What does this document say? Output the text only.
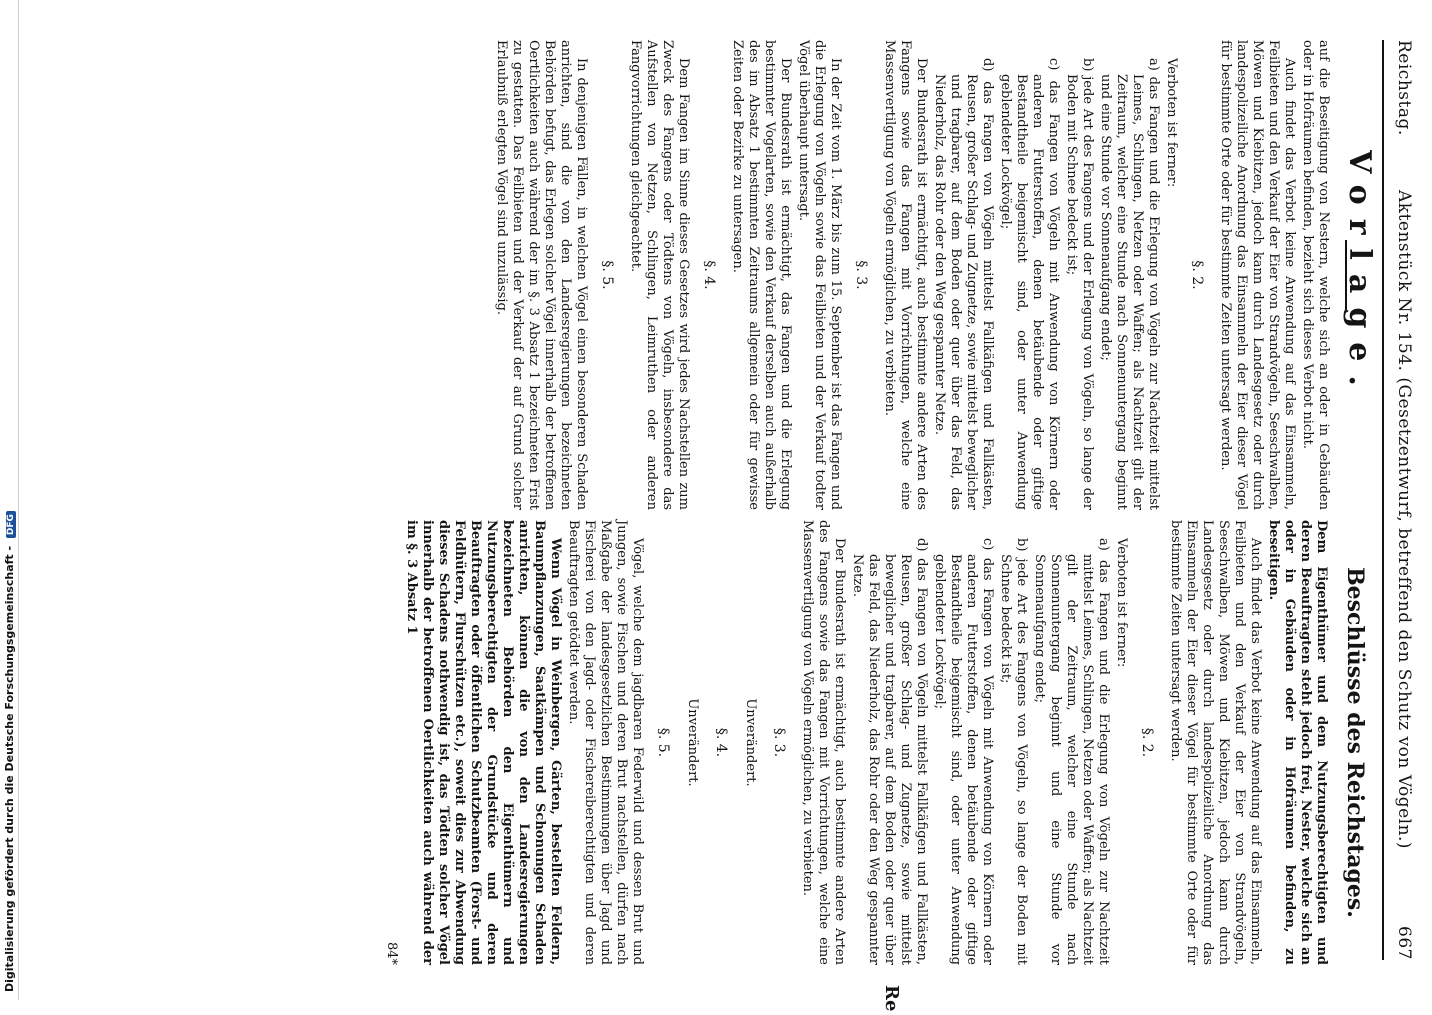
Digitalisierung gefördert durch die Deutsche Forschungsgemeinschaft - DFG
Reichstag.
Aktenstück Nr. 154. (Gesetzentwurf, betreffend den Schutz von Vögeln.)
667
Vorlage.

auf die Beseitigung von Nestern, welche sich an oder in Gebäuden oder in Hofräumen befinden, bezieht sich dieses Verbot nicht.

Auch findet das Verbot keine Anwendung auf das Einsammeln, Feilbieten und den Verkauf der Eier von Strandvögeln, Seeschwalben, Möwen und Kiebitzen, jedoch kann durch Landesgesetz oder durch landespolizeiliche Anordnung das Einsammeln der Eier dieser Vögel für bestimmte Orte oder für bestimmte Zeiten untersagt werden.

§. 2.

Verboten ist ferner:

a) das Fangen und die Erlegung von Vögeln zur Nachtzeit mittelst Leimes, Schlingen, Netzen oder Waffen; als Nachtzeit gilt der Zeitraum, welcher eine Stunde nach Sonnenuntergang beginnt und eine Stunde vor Sonnenaufgang endet;

b) jede Art des Fangens und der Erlegung von Vögeln, so lange der Boden mit Schnee bedeckt ist;

c) das Fangen von Vögeln mit Anwendung von Körnern oder anderen Futterstoffen, denen betäubende oder giftige Bestandtheile beigemischt sind, oder unter Anwendung geblendeter Lockvögel;

d) das Fangen von Vögeln mittelst Fallkäfigen und Fallkästen, Reusen, großer Schlag- und Zugnetze, sowie mittelst beweglicher und tragbarer, auf dem Boden oder quer über das Feld, das Niederholz, das Rohr oder den Weg gespannter Netze.

Der Bundesrath ist ermächtigt, auch bestimmte andere Arten des Fangens sowie das Fangen mit Vorrichtungen, welche eine Massenvertilgung von Vögeln ermöglichen, zu verbieten.

§. 3.

In der Zeit vom 1. März bis zum 15. September ist das Fangen und die Erlegung von Vögeln sowie das Feilbieten und der Verkauf todter Vögel überhaupt untersagt.

Der Bundesrath ist ermächtigt, das Fangen und die Erlegung bestimmter Vogelarten, sowie den Verkauf derselben auch außerhalb des im Absatz 1 bestimmten Zeitraums allgemein oder für gewisse Zeiten oder Bezirke zu untersagen.

§. 4.

Dem Fangen im Sinne dieses Gesetzes wird jedes Nachstellen zum Zweck des Fangens oder Tödtens von Vögeln, insbesondere das Aufstellen von Netzen, Schlingen, Leimruthen oder anderen Fangvorrichtungen gleichgeachtet.

§. 5.

In denjenigen Fällen, in welchen Vögel einen besonderen Schaden anrichten, sind die von den Landesregierungen bezeichneten Behörden befugt, das Erlegen solcher Vögel innerhalb der betroffenen Oertlichkeiten auch während der im §. 3 Absatz 1 bezeichneten Frist zu gestatten. Das Feilbieten und der Verkauf der auf Grund solcher Erlaubniß erlegten Vögel sind unzulässig.

Beschlüsse des Reichstages.

Dem Eigenthümer und dem Nutzungsberechtigten und deren Beauftragten steht jedoch frei, Nester, welche sich an oder in Gebäuden oder in Hofräumen befinden, zu beseitigen.

Auch findet das Verbot keine Anwendung auf das Einsammeln, Feilbieten und den Verkauf der Eier von Strandvögeln, Seeschwalben, Möwen und Kiebitzen, jedoch kann durch Landesgesetz oder durch landespolizeiliche Anordnung das Einsammeln der Eier dieser Vögel für bestimmte Orte oder für bestimmte Zeiten untersagt werden.

§. 2.

Verboten ist ferner:

a) das Fangen und die Erlegung von Vögeln zur Nachtzeit mittelst Leimes, Schlingen, Netzen oder Waffen; als Nachtzeit gilt der Zeitraum, welcher eine Stunde nach Sonnenuntergang beginnt und eine Stunde vor Sonnenaufgang endet;

b) jede Art des Fangens von Vögeln, so lange der Boden mit Schnee bedeckt ist;

c) das Fangen von Vögeln mit Anwendung von Körnern oder anderen Futterstoffen, denen betäubende oder giftige Bestandtheile beigemischt sind, oder unter Anwendung geblendeter Lockvögel;

d) das Fangen von Vögeln mittelst Fallkäfigen und Fallkästen, Reusen, großer Schlag- und Zugnetze, sowie mittelst beweglicher und tragbarer, auf dem Boden oder quer über das Feld, das Niederholz, das Rohr oder den Weg gespannter Netze.

Der Bundesrath ist ermächtigt, auch bestimmte andere Arten des Fangens sowie das Fangen mit Vorrichtungen, welche eine Massenvertilgung von Vögeln ermöglichen, zu verbieten.

§. 3.

Unverändert.

§. 4.

Unverändert.

§. 5.

Vögel, welche dem jagdbaren Federwild und dessen Brut und Jungen, sowie Fischen und deren Brut nachstellen, dürfen nach Maßgabe der landesgesetzlichen Bestimmungen über Jagd und Fischerei von den Jagd- oder Fischereiberechtigten und deren Beauftragten getödtet werden.

Wenn Vögel in Weinbergen, Gärten, bestellten Feldern, Baumpflanzungen, Saatkämpen und Schonungen Schaden anrichten, können die von den Landesregierungen bezeichneten Behörden den Eigenthümern und Nutzungsberechtigten der Grundstücke und deren Beauftragten oder öffentlichen Schutzbeamten (Forst- und Feldhütern, Flurschützen etc.), soweit dies zur Abwendung dieses Schadens nothwendig ist, das Tödten solcher Vögel innerhalb der betroffenen Oertlichkeiten auch während der im §. 3 Absatz 1

84*

Re
